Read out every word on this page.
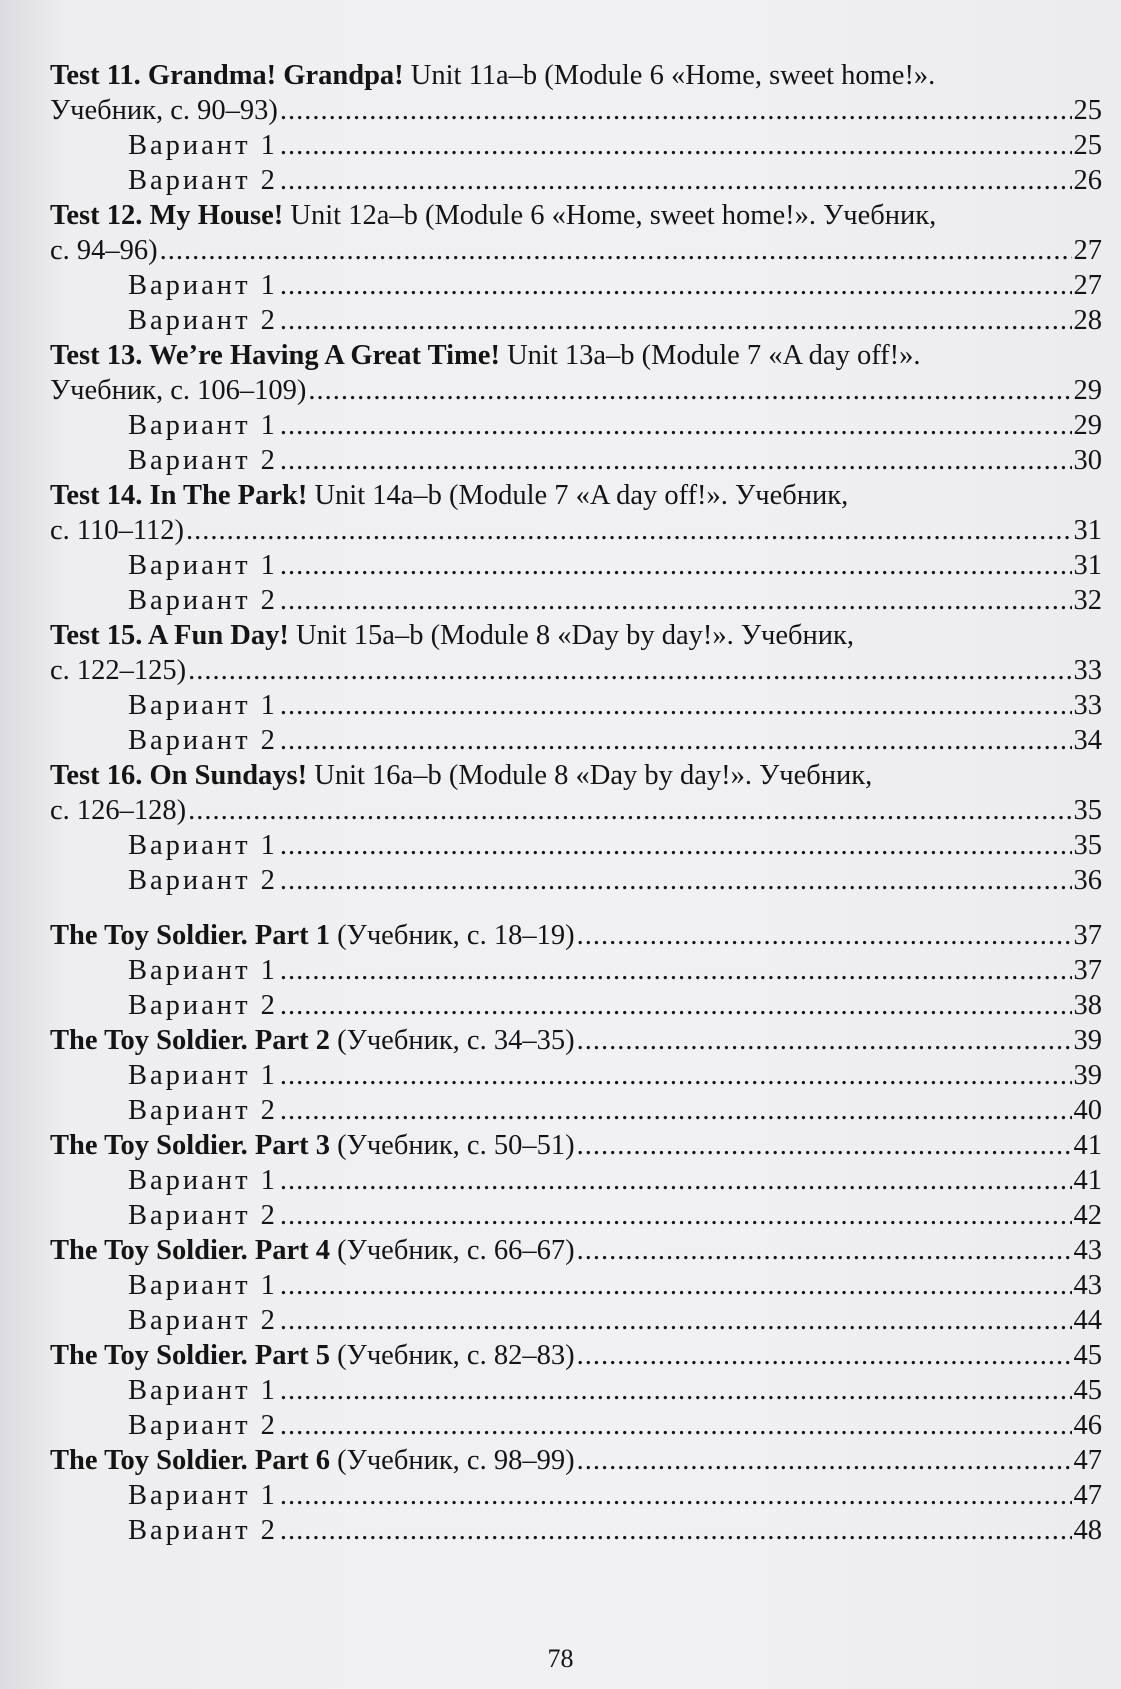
Test 11. Grandma! Grandpa! Unit 11a–b (Module 6 «Home, sweet home!».
Учебник, с. 90–93) .....	25
Вариант 1 .....	25
Вариант 2 .....	26
Test 12. My House! Unit 12a–b (Module 6 «Home, sweet home!». Учебник,
с. 94–96) .....	27
Вариант 1 .....	27
Вариант 2 .....	28
Test 13. We’re Having A Great Time! Unit 13a–b (Module 7 «A day off!».
Учебник, с. 106–109) .....	29
Вариант 1 .....	29
Вариант 2 .....	30
Test 14. In The Park! Unit 14a–b (Module 7 «A day off!». Учебник,
с. 110–112) .....	31
Вариант 1 .....	31
Вариант 2 .....	32
Test 15. A Fun Day! Unit 15a–b (Module 8 «Day by day!». Учебник,
с. 122–125) .....	33
Вариант 1 .....	33
Вариант 2 .....	34
Test 16. On Sundays! Unit 16a–b (Module 8 «Day by day!». Учебник,
с. 126–128) .....	35
Вариант 1 .....	35
Вариант 2 .....	36
The Toy Soldier. Part 1 (Учебник, с. 18–19) .....	37
Вариант 1 .....	37
Вариант 2 .....	38
The Toy Soldier. Part 2 (Учебник, с. 34–35) .....	39
Вариант 1 .....	39
Вариант 2 .....	40
The Toy Soldier. Part 3 (Учебник, с. 50–51) .....	41
Вариант 1 .....	41
Вариант 2 .....	42
The Toy Soldier. Part 4 (Учебник, с. 66–67) .....	43
Вариант 1 .....	43
Вариант 2 .....	44
The Toy Soldier. Part 5 (Учебник, с. 82–83) .....	45
Вариант 1 .....	45
Вариант 2 .....	46
The Toy Soldier. Part 6 (Учебник, с. 98–99) .....	47
Вариант 1 .....	47
Вариант 2 .....	48
78
